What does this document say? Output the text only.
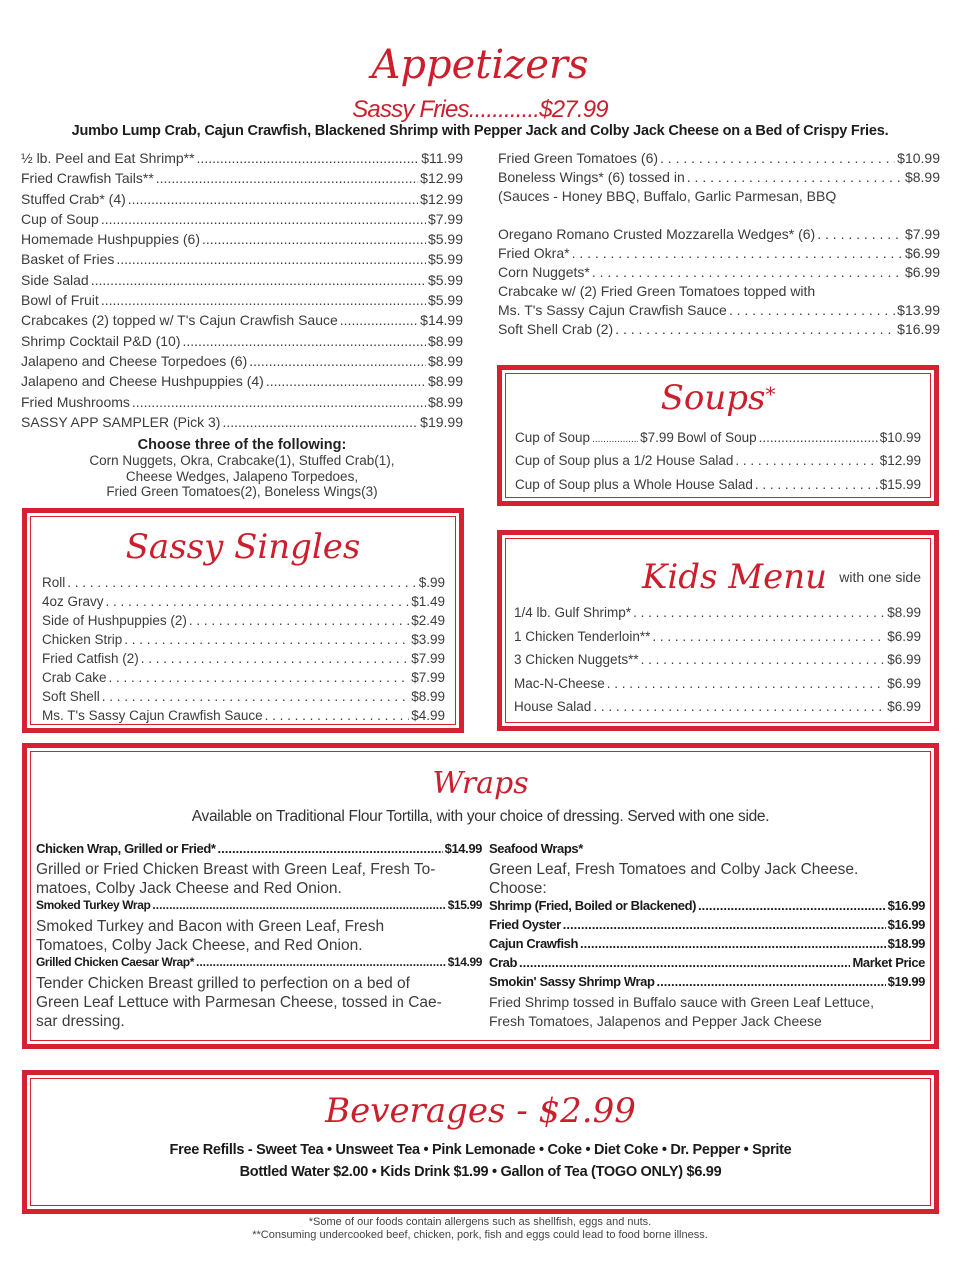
Appetizers
Sassy Fries............$27.99
Jumbo Lump Crab, Cajun Crawfish, Blackened Shrimp with Pepper Jack and Colby Jack Cheese on a Bed of Crispy Fries.
½ lb. Peel and Eat Shrimp** .....	$11.99
Fried Crawfish Tails** .....	$12.99
Stuffed Crab* (4) .....	$12.99
Cup of Soup .....	$7.99
Homemade Hushpuppies (6) .....	$5.99
Basket of Fries .....	$5.99
Side Salad .....	$5.99
Bowl of Fruit .....	$5.99
Crabcakes (2) topped w/ T's Cajun Crawfish Sauce .....	$14.99
Shrimp Cocktail P&D (10) .....	$8.99
Jalapeno and Cheese Torpedoes (6) .....	$8.99
Jalapeno and Cheese Hushpuppies (4) .....	$8.99
Fried Mushrooms .....	$8.99
SASSY APP SAMPLER (Pick 3) .....	$19.99
Choose three of the following:
Corn Nuggets, Okra, Crabcake(1), Stuffed Crab(1),
Cheese Wedges, Jalapeno Torpedoes,
Fried Green Tomatoes(2), Boneless Wings(3)
Fried Green Tomatoes (6) . . .	$10.99
Boneless Wings* (6) tossed in . . .	$8.99
(Sauces - Honey BBQ, Buffalo, Garlic Parmesan, BBQ
Oregano Romano Crusted Mozzarella Wedges* (6) . . .	$7.99
Fried Okra* . . .	$6.99
Corn Nuggets* . . .	$6.99
Crabcake w/ (2) Fried Green Tomatoes topped with
Ms. T's Sassy Cajun Crawfish Sauce . . .	$13.99
Soft Shell Crab (2) . . .	$16.99
Soups*
Cup of Soup .....	$7.99 Bowl of Soup .....	$10.99
Cup of Soup plus a 1/2 House Salad . . .	$12.99
Cup of Soup plus a Whole House Salad . . .	$15.99
Sassy Singles
Roll . . .	$.99
4oz Gravy . . .	$1.49
Side of Hushpuppies (2) . . .	$2.49
Chicken Strip . . .	$3.99
Fried Catfish (2) . . .	$7.99
Crab Cake . . .	$7.99
Soft Shell . . .	$8.99
Ms. T's Sassy Cajun Crawfish Sauce . . .	$4.99
Kids Menu with one side
1/4 lb. Gulf Shrimp* . . .	$8.99
1 Chicken Tenderloin** . . .	$6.99
3 Chicken Nuggets** . . .	$6.99
Mac-N-Cheese . . .	$6.99
House Salad . . .	$6.99
Wraps
Available on Traditional Flour Tortilla, with your choice of dressing. Served with one side.
Chicken Wrap, Grilled or Fried* .....	$14.99
Grilled or Fried Chicken Breast with Green Leaf, Fresh To-
matoes, Colby Jack Cheese and Red Onion.
Smoked Turkey Wrap .....	$15.99
Smoked Turkey and Bacon with Green Leaf, Fresh
Tomatoes, Colby Jack Cheese, and Red Onion.
Grilled Chicken Caesar Wrap* .....	$14.99
Tender Chicken Breast grilled to perfection on a bed of
Green Leaf Lettuce with Parmesan Cheese, tossed in Cae-
sar dressing.
Seafood Wraps*
Green Leaf, Fresh Tomatoes and Colby Jack Cheese.
Choose:
Shrimp (Fried, Boiled or Blackened) .....	$16.99
Fried Oyster .....	$16.99
Cajun Crawfish .....	$18.99
Crab .....	Market Price
Smokin' Sassy Shrimp Wrap .....	$19.99
Fried Shrimp tossed in Buffalo sauce with Green Leaf Lettuce,
Fresh Tomatoes, Jalapenos and Pepper Jack Cheese
Beverages - $2.99
Free Refills - Sweet Tea • Unsweet Tea • Pink Lemonade • Coke • Diet Coke • Dr. Pepper • Sprite
Bottled Water $2.00 • Kids Drink $1.99 • Gallon of Tea (TOGO ONLY) $6.99
*Some of our foods contain allergens such as shellfish, eggs and nuts.
**Consuming undercooked beef, chicken, pork, fish and eggs could lead to food borne illness.
